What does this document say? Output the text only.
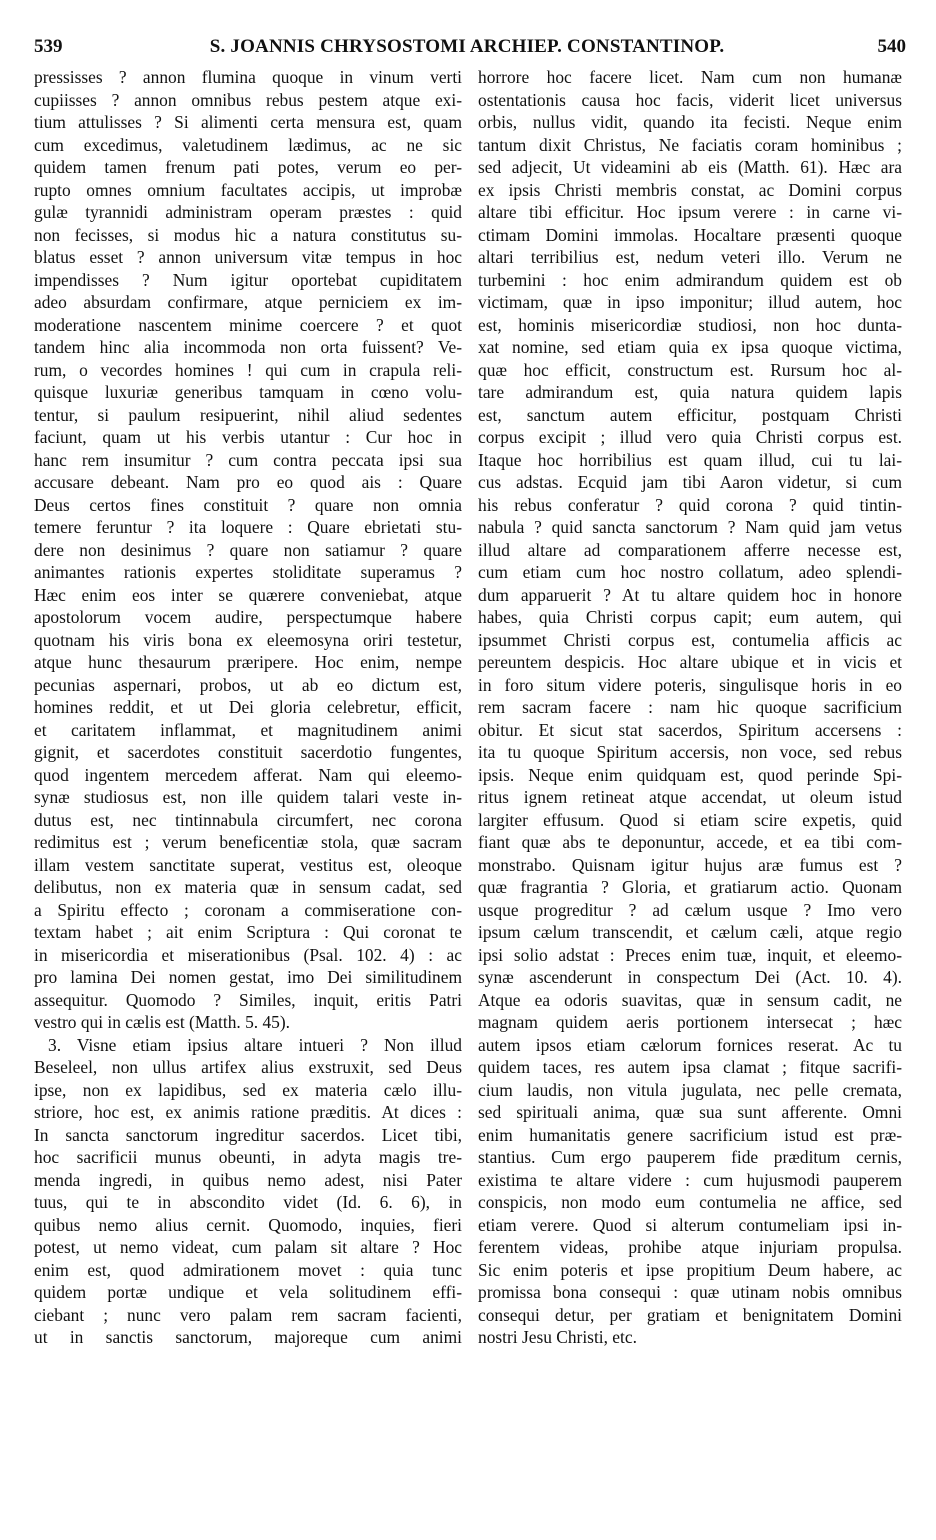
539	S. JOANNIS CHRYSOSTOMI ARCHIEP. CONSTANTINOP.	540
pressisses ? annon flumina quoque in vinum verti
cupiisses ? annon omnibus rebus pestem atque exi-
tium attulisses ? Si alimenti certa mensura est, quam
cum excedimus, valetudinem lædimus, ac ne sic
quidem tamen frenum pati potes, verum eo per-
rupto omnes omnium facultates accipis, ut improbæ
gulæ tyrannidi administram operam præstes : quid
non fecisses, si modus hic a natura constitutus su-
blatus esset ? annon universum vitæ tempus in hoc
impendisses ? Num igitur oportebat cupiditatem
adeo absurdam confirmare, atque perniciem ex im-
moderatione nascentem minime coercere ? et quot
tandem hinc alia incommoda non orta fuissent? Ve-
rum, o vecordes homines ! qui cum in crapula reli-
quisque luxuriæ generibus tamquam in cœno volu-
tentur, si paulum resipuerint, nihil aliud sedentes
faciunt, quam ut his verbis utantur : Cur hoc in
hanc rem insumitur ? cum contra peccata ipsi sua
accusare debeant. Nam pro eo quod ais : Quare
Deus certos fines constituit ? quare non omnia
temere feruntur ? ita loquere : Quare ebrietati stu-
dere non desinimus ? quare non satiamur ? quare
animantes rationis expertes stoliditate superamus ?
Hæc enim eos inter se quærere conveniebat, atque
apostolorum vocem audire, perspectumque habere
quotnam his viris bona ex eleemosyna oriri testetur,
atque hunc thesaurum præripere. Hoc enim, nempe
pecunias aspernari, probos, ut ab eo dictum est,
homines reddit, et ut Dei gloria celebretur, efficit,
et caritatem inflammat, et magnitudinem animi
gignit, et sacerdotes constituit sacerdotio fungentes,
quod ingentem mercedem afferat. Nam qui eleemo-
synæ studiosus est, non ille quidem talari veste in-
dutus est, nec tintinnabula circumfert, nec corona
redimitus est ; verum beneficentiæ stola, quæ sacram
illam vestem sanctitate superat, vestitus est, oleoque
delibutus, non ex materia quæ in sensum cadat, sed
a Spiritu effecto ; coronam a commiseratione con-
textam habet ; ait enim Scriptura : Qui coronat te
in misericordia et miserationibus (Psal. 102. 4) : ac
pro lamina Dei nomen gestat, imo Dei similitudinem
assequitur. Quomodo ? Similes, inquit, eritis Patri
vestro qui in cælis est (Matth. 5. 45).
3. Visne etiam ipsius altare intueri ? Non illud
Beseleel, non ullus artifex alius exstruxit, sed Deus
ipse, non ex lapidibus, sed ex materia cælo illu-
striore, hoc est, ex animis ratione præditis. At dices :
In sancta sanctorum ingreditur sacerdos. Licet tibi,
hoc sacrificii munus obeunti, in adyta magis tre-
menda ingredi, in quibus nemo adest, nisi Pater
tuus, qui te in abscondito videt (Id. 6. 6), in
quibus nemo alius cernit. Quomodo, inquies, fieri
potest, ut nemo videat, cum palam sit altare ? Hoc
enim est, quod admirationem movet : quia tunc
quidem portæ undique et vela solitudinem effi-
ciebant ; nunc vero palam rem sacram facienti,
ut in sanctis sanctorum, majoreque cum animi
horrore hoc facere licet. Nam cum non humanæ
ostentationis causa hoc facis, viderit licet universus
orbis, nullus vidit, quando ita fecisti. Neque enim
tantum dixit Christus, Ne faciatis coram hominibus ;
sed adjecit, Ut videamini ab eis (Matth. 61). Hæc ara
ex ipsis Christi membris constat, ac Domini corpus
altare tibi efficitur. Hoc ipsum verere : in carne vi-
ctimam Domini immolas. Hocaltare præsenti quoque
altari terribilius est, nedum veteri illo. Verum ne
turbemini : hoc enim admirandum quidem est ob
victimam, quæ in ipso imponitur; illud autem, hoc
est, hominis misericordiæ studiosi, non hoc dunta-
xat nomine, sed etiam quia ex ipsa quoque victima,
quæ hoc efficit, constructum est. Rursum hoc al-
tare admirandum est, quia natura quidem lapis
est, sanctum autem efficitur, postquam Christi
corpus excipit ; illud vero quia Christi corpus est.
Itaque hoc horribilius est quam illud, cui tu lai-
cus adstas. Ecquid jam tibi Aaron videtur, si cum
his rebus conferatur ? quid corona ? quid tintin-
nabula ? quid sancta sanctorum ? Nam quid jam vetus
illud altare ad comparationem afferre necesse est,
cum etiam cum hoc nostro collatum, adeo splendi-
dum apparuerit ? At tu altare quidem hoc in honore
habes, quia Christi corpus capit; eum autem, qui
ipsummet Christi corpus est, contumelia afficis ac
pereuntem despicis. Hoc altare ubique et in vicis et
in foro situm videre poteris, singulisque horis in eo
rem sacram facere : nam hic quoque sacrificium
obitur. Et sicut stat sacerdos, Spiritum accersens :
ita tu quoque Spiritum accersis, non voce, sed rebus
ipsis. Neque enim quidquam est, quod perinde Spi-
ritus ignem retineat atque accendat, ut oleum istud
largiter effusum. Quod si etiam scire expetis, quid
fiant quæ abs te deponuntur, accede, et ea tibi com-
monstrabo. Quisnam igitur hujus aræ fumus est ?
quæ fragrantia ? Gloria, et gratiarum actio. Quonam
usque progreditur ? ad cælum usque ? Imo vero
ipsum cælum transcendit, et cælum cæli, atque regio
ipsi solio adstat : Preces enim tuæ, inquit, et eleemo-
synæ ascenderunt in conspectum Dei (Act. 10. 4).
Atque ea odoris suavitas, quæ in sensum cadit, ne
magnam quidem aeris portionem intersecat ; hæc
autem ipsos etiam cælorum fornices reserat. Ac tu
quidem taces, res autem ipsa clamat ; fitque sacrifi-
cium laudis, non vitula jugulata, nec pelle cremata,
sed spirituali anima, quæ sua sunt afferente. Omni
enim humanitatis genere sacrificium istud est præ-
stantius. Cum ergo pauperem fide præditum cernis,
existima te altare videre : cum hujusmodi pauperem
conspicis, non modo eum contumelia ne affice, sed
etiam verere. Quod si alterum contumeliam ipsi in-
ferentem videas, prohibe atque injuriam propulsa.
Sic enim poteris et ipse propitium Deum habere, ac
promissa bona consequi : quæ utinam nobis omnibus
consequi detur, per gratiam et benignitatem Domini
nostri Jesu Christi, etc.
